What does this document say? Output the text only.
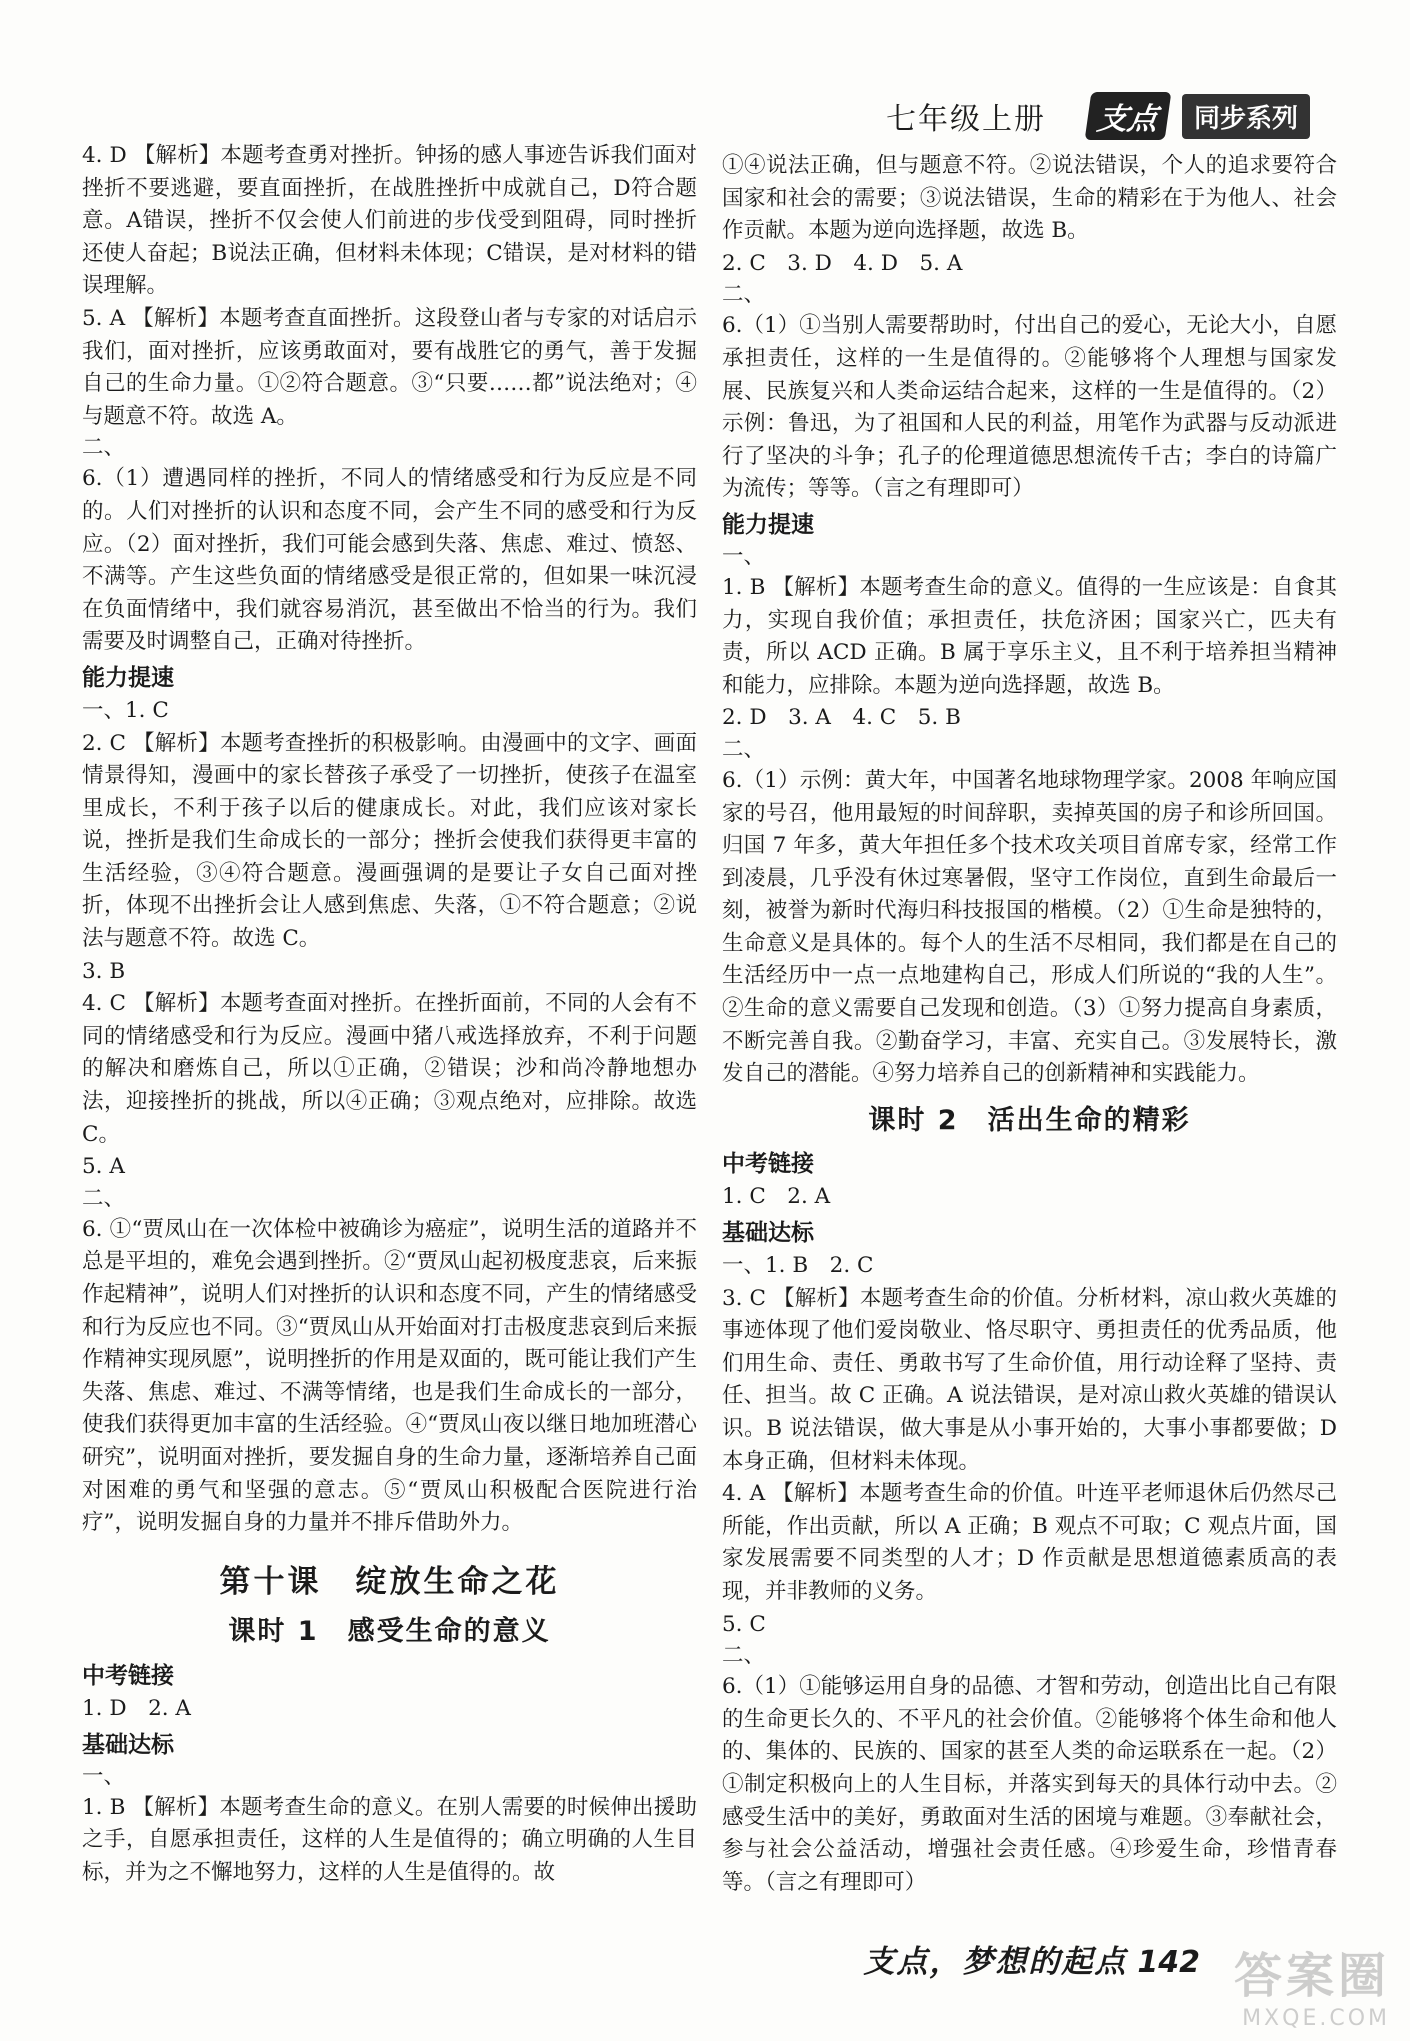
七年级上册	支点	同步系列

4. D 【解析】本题考查勇对挫折。钟扬的感人事迹告诉我们面对挫折不要逃避，要直面挫折，在战胜挫折中成就自己，D符合题意。A错误，挫折不仅会使人们前进的步伐受到阻碍，同时挫折还使人奋起；B说法正确，但材料未体现；C错误，是对材料的错误理解。

5. A 【解析】本题考查直面挫折。这段登山者与专家的对话启示我们，面对挫折，应该勇敢面对，要有战胜它的勇气，善于发掘自己的生命力量。①②符合题意。③“只要……都”说法绝对；④与题意不符。故选 A。

二、

6.（1）遭遇同样的挫折，不同人的情绪感受和行为反应是不同的。人们对挫折的认识和态度不同，会产生不同的感受和行为反应。（2）面对挫折，我们可能会感到失落、焦虑、难过、愤怒、不满等。产生这些负面的情绪感受是很正常的，但如果一味沉浸在负面情绪中，我们就容易消沉，甚至做出不恰当的行为。我们需要及时调整自己，正确对待挫折。

能力提速

一、1. C

2. C 【解析】本题考查挫折的积极影响。由漫画中的文字、画面情景得知，漫画中的家长替孩子承受了一切挫折，使孩子在温室里成长，不利于孩子以后的健康成长。对此，我们应该对家长说，挫折是我们生命成长的一部分；挫折会使我们获得更丰富的生活经验，③④符合题意。漫画强调的是要让子女自己面对挫折，体现不出挫折会让人感到焦虑、失落，①不符合题意；②说法与题意不符。故选 C。

3. B

4. C 【解析】本题考查面对挫折。在挫折面前，不同的人会有不同的情绪感受和行为反应。漫画中猪八戒选择放弃，不利于问题的解决和磨炼自己，所以①正确，②错误；沙和尚冷静地想办法，迎接挫折的挑战，所以④正确；③观点绝对，应排除。故选 C。

5. A

二、

6. ①“贾凤山在一次体检中被确诊为癌症”，说明生活的道路并不总是平坦的，难免会遇到挫折。②“贾凤山起初极度悲哀，后来振作起精神”，说明人们对挫折的认识和态度不同，产生的情绪感受和行为反应也不同。③“贾凤山从开始面对打击极度悲哀到后来振作精神实现夙愿”，说明挫折的作用是双面的，既可能让我们产生失落、焦虑、难过、不满等情绪，也是我们生命成长的一部分，使我们获得更加丰富的生活经验。④“贾凤山夜以继日地加班潜心研究”，说明面对挫折，要发掘自身的生命力量，逐渐培养自己面对困难的勇气和坚强的意志。⑤“贾凤山积极配合医院进行治疗”，说明发掘自身的力量并不排斥借助外力。

第十课　绽放生命之花
课时 1　感受生命的意义

中考链接

1. D　2. A

基础达标

一、

1. B 【解析】本题考查生命的意义。在别人需要的时候伸出援助之手，自愿承担责任，这样的人生是值得的；确立明确的人生目标，并为之不懈地努力，这样的人生是值得的。故

①④说法正确，但与题意不符。②说法错误，个人的追求要符合国家和社会的需要；③说法错误，生命的精彩在于为他人、社会作贡献。本题为逆向选择题，故选 B。

2. C　3. D　4. D　5. A

二、

6.（1）①当别人需要帮助时，付出自己的爱心，无论大小，自愿承担责任，这样的一生是值得的。②能够将个人理想与国家发展、民族复兴和人类命运结合起来，这样的一生是值得的。（2）示例：鲁迅，为了祖国和人民的利益，用笔作为武器与反动派进行了坚决的斗争；孔子的伦理道德思想流传千古；李白的诗篇广为流传；等等。（言之有理即可）

能力提速

一、

1. B 【解析】本题考查生命的意义。值得的一生应该是：自食其力，实现自我价值；承担责任，扶危济困；国家兴亡，匹夫有责，所以 ACD 正确。B 属于享乐主义，且不利于培养担当精神和能力，应排除。本题为逆向选择题，故选 B。

2. D　3. A　4. C　5. B

二、

6.（1）示例：黄大年，中国著名地球物理学家。2008 年响应国家的号召，他用最短的时间辞职，卖掉英国的房子和诊所回国。归国 7 年多，黄大年担任多个技术攻关项目首席专家，经常工作到凌晨，几乎没有休过寒暑假，坚守工作岗位，直到生命最后一刻，被誉为新时代海归科技报国的楷模。（2）①生命是独特的，生命意义是具体的。每个人的生活不尽相同，我们都是在自己的生活经历中一点一点地建构自己，形成人们所说的“我的人生”。②生命的意义需要自己发现和创造。（3）①努力提高自身素质，不断完善自我。②勤奋学习，丰富、充实自己。③发展特长，激发自己的潜能。④努力培养自己的创新精神和实践能力。

课时 2　活出生命的精彩

中考链接

1. C　2. A

基础达标

一、1. B　2. C

3. C 【解析】本题考查生命的价值。分析材料，凉山救火英雄的事迹体现了他们爱岗敬业、恪尽职守、勇担责任的优秀品质，他们用生命、责任、勇敢书写了生命价值，用行动诠释了坚持、责任、担当。故 C 正确。A 说法错误，是对凉山救火英雄的错误认识。B 说法错误，做大事是从小事开始的，大事小事都要做；D 本身正确，但材料未体现。

4. A 【解析】本题考查生命的价值。叶连平老师退休后仍然尽己所能，作出贡献，所以 A 正确；B 观点不可取；C 观点片面，国家发展需要不同类型的人才；D 作贡献是思想道德素质高的表现，并非教师的义务。

5. C

二、

6.（1）①能够运用自身的品德、才智和劳动，创造出比自己有限的生命更长久的、不平凡的社会价值。②能够将个体生命和他人的、集体的、民族的、国家的甚至人类的命运联系在一起。（2）①制定积极向上的人生目标，并落实到每天的具体行动中去。②感受生活中的美好，勇敢面对生活的困境与难题。③奉献社会，参与社会公益活动，增强社会责任感。④珍爱生命，珍惜青春等。（言之有理即可）

支点，梦想的起点 142 答案圈
MXQE.COM
